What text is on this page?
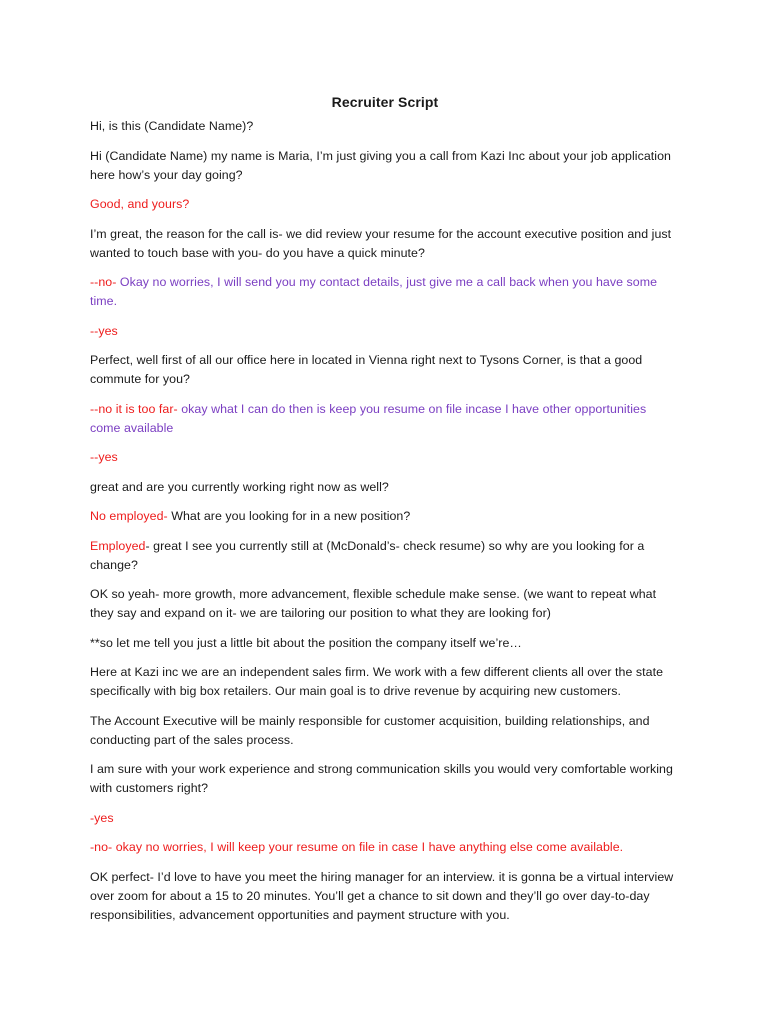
Recruiter Script

Hi, is this (Candidate Name)?

Hi (Candidate Name) my name is Maria, I’m just giving you a call from Kazi Inc about your job application here how’s your day going?

Good, and yours?

I’m great, the reason for the call is- we did review your resume for the account executive position and just wanted to touch base with you- do you have a quick minute?

--no- Okay no worries, I will send you my contact details, just give me a call back when you have some time.

--yes

Perfect, well first of all our office here in located in Vienna right next to Tysons Corner, is that a good commute for you?

--no it is too far- okay what I can do then is keep you resume on file incase I have other opportunities come available

--yes

great and are you currently working right now as well?

No employed- What are you looking for in a new position?

Employed- great I see you currently still at (McDonald’s- check resume) so why are you looking for a change?

OK so yeah- more growth, more advancement, flexible schedule make sense. (we want to repeat what they say and expand on it- we are tailoring our position to what they are looking for)

**so let me tell you just a little bit about the position the company itself we’re…

Here at Kazi inc we are an independent sales firm. We work with a few different clients all over the state specifically with big box retailers. Our main goal is to drive revenue by acquiring new customers.

The Account Executive will be mainly responsible for customer acquisition, building relationships, and conducting part of the sales process.

I am sure with your work experience and strong communication skills you would very comfortable working with customers right?

-yes

-no- okay no worries, I will keep your resume on file in case I have anything else come available.

OK perfect- I’d love to have you meet the hiring manager for an interview. it is gonna be a virtual interview over zoom for about a 15 to 20 minutes. You’ll get a chance to sit down and they’ll go over day-to-day responsibilities, advancement opportunities and payment structure with you.
